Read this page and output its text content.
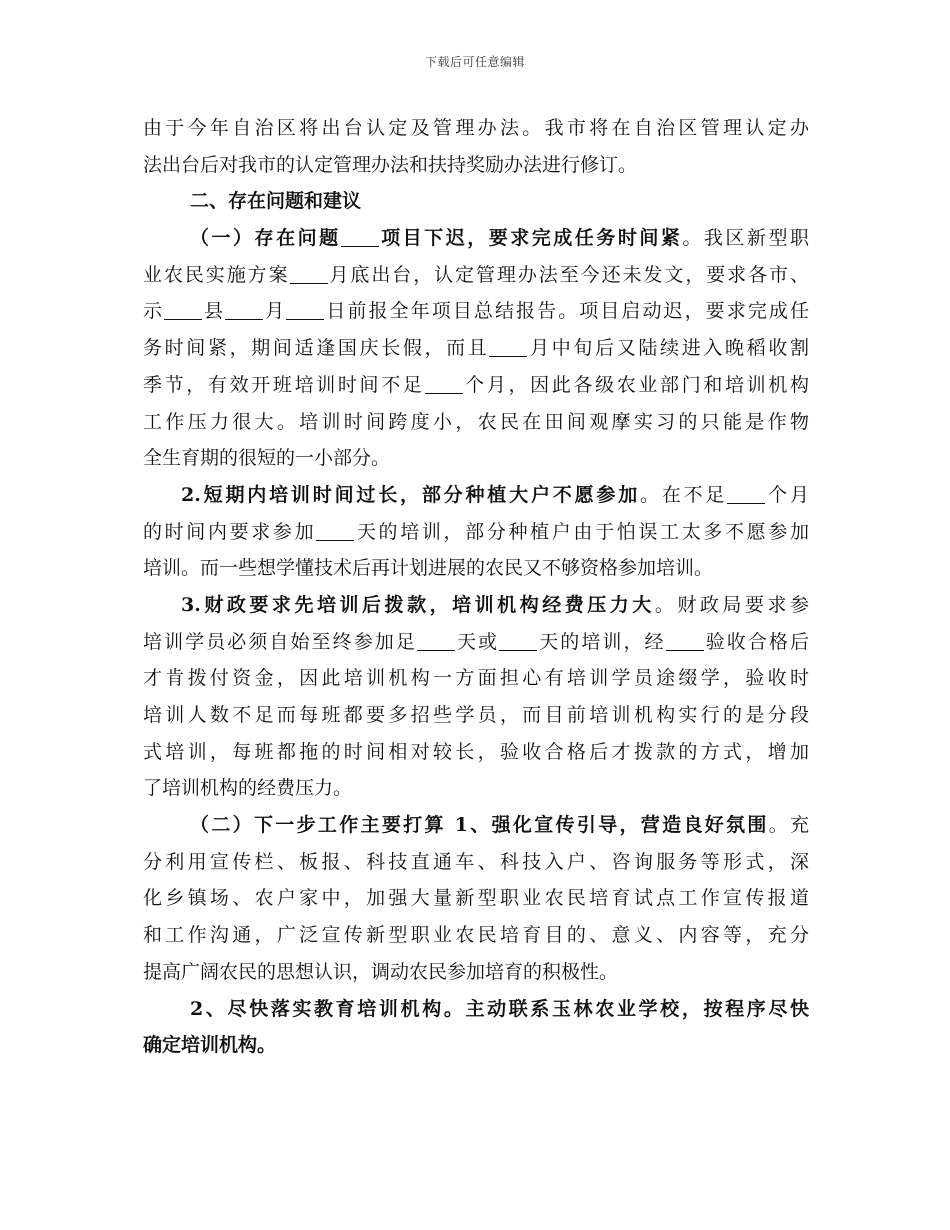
下载后可任意编辑
由于今年自治区将出台认定及管理办法。我市将在自治区管理认定办
法出台后对我市的认定管理办法和扶持奖励办法进行修订。
二、存在问题和建议
（一）存在问题 项目下迟，要求完成任务时间紧。我区新型职
业农民实施方案 月底出台，认定管理办法至今还未发文，要求各市、
示 县 月 日前报全年项目总结报告。项目启动迟，要求完成任
务时间紧，期间适逢国庆长假，而且 月中旬后又陆续进入晚稻收割
季节，有效开班培训时间不足 个月，因此各级农业部门和培训机构
工作压力很大。培训时间跨度小，农民在田间观摩实习的只能是作物
全生育期的很短的一小部分。
2.短期内培训时间过长，部分种植大户不愿参加。在不足 个月
的时间内要求参加 天的培训，部分种植户由于怕误工太多不愿参加
培训。而一些想学懂技术后再计划进展的农民又不够资格参加培训。
3.财政要求先培训后拨款，培训机构经费压力大。财政局要求参
培训学员必须自始至终参加足 天或 天的培训，经 验收合格后
才肯拨付资金，因此培训机构一方面担心有培训学员途缀学，验收时
培训人数不足而每班都要多招些学员，而目前培训机构实行的是分段
式培训，每班都拖的时间相对较长，验收合格后才拨款的方式，增加
了培训机构的经费压力。
（二）下一步工作主要打算 1、强化宣传引导，营造良好氛围。充
分利用宣传栏、板报、科技直通车、科技入户、咨询服务等形式，深
化乡镇场、农户家中，加强大量新型职业农民培育试点工作宣传报道
和工作沟通，广泛宣传新型职业农民培育目的、意义、内容等，充分
提高广阔农民的思想认识，调动农民参加培育的积极性。
2、尽快落实教育培训机构。主动联系玉林农业学校，按程序尽快
确定培训机构。
